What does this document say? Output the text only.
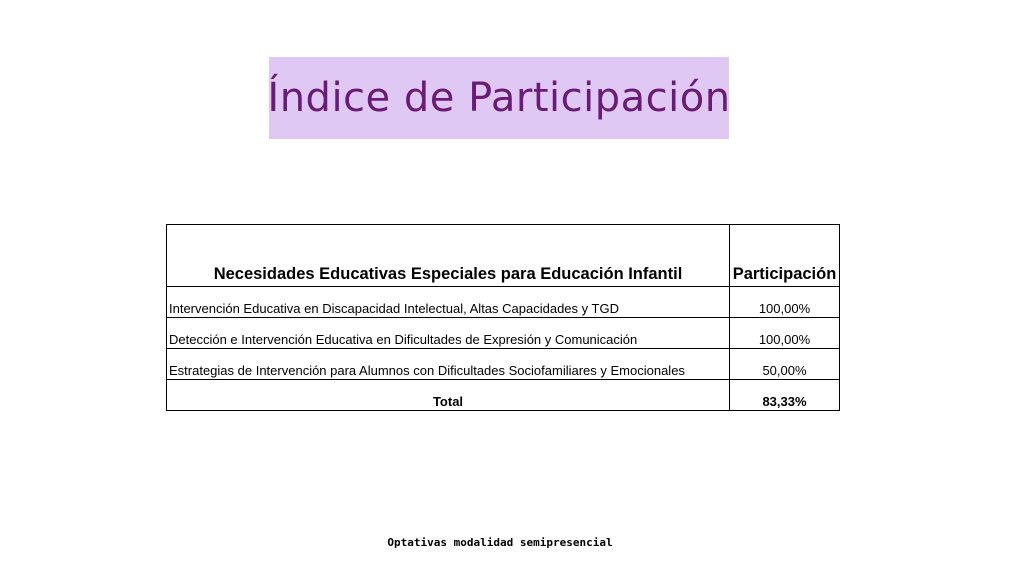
Índice de Participación
Necesidades Educativas Especiales para Educación Infantil	Participación
Intervención Educativa en Discapacidad Intelectual, Altas Capacidades y TGD	100,00%
Detección e Intervención Educativa en Dificultades de Expresión y Comunicación	100,00%
Estrategias de Intervención para Alumnos con Dificultades Sociofamiliares y Emocionales	50,00%
Total	83,33%
Optativas modalidad semipresencial
